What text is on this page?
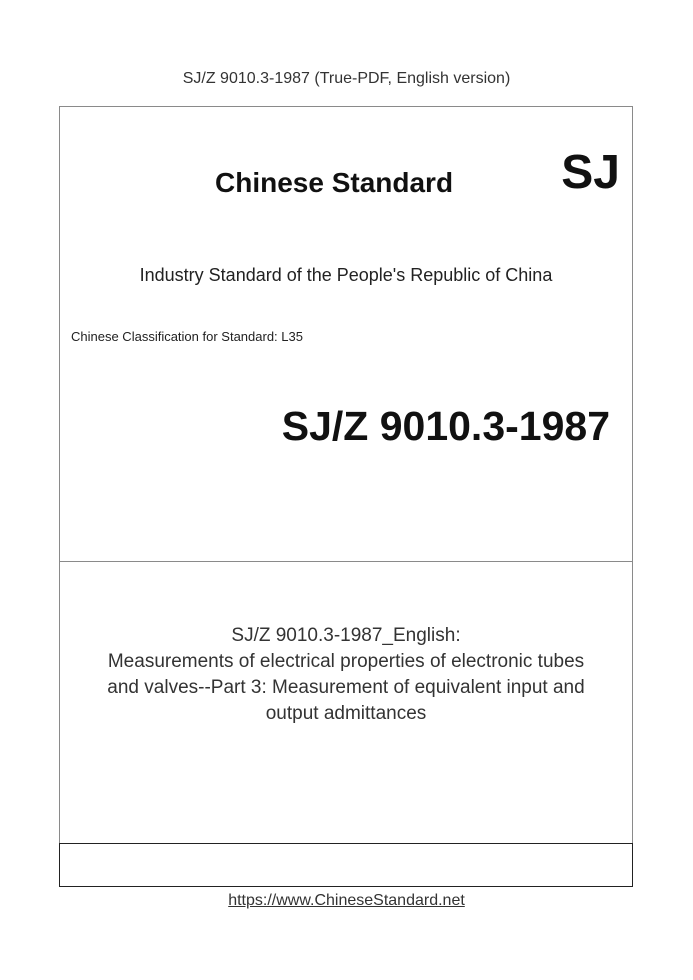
SJ/Z 9010.3-1987 (True-PDF, English version)
Chinese Standard SJ
Industry Standard of the People's Republic of China
Chinese Classification for Standard: L35
SJ/Z 9010.3-1987
SJ/Z 9010.3-1987_English:
Measurements of electrical properties of electronic tubes
and valves--Part 3: Measurement of equivalent input and
output admittances
https://www.ChineseStandard.net
